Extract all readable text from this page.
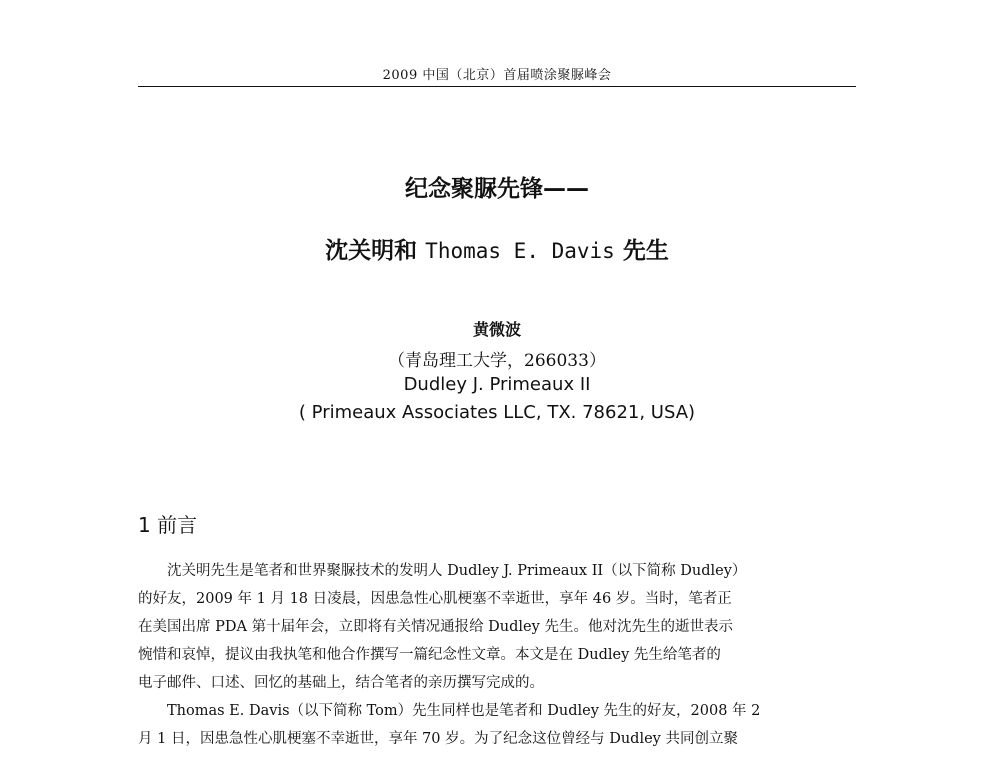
2009 中国（北京）首届喷涂聚脲峰会
纪念聚脲先锋——
沈关明和 Thomas E. Davis 先生
黄微波
（青岛理工大学，266033）
Dudley J. Primeaux II
( Primeaux Associates LLC, TX. 78621, USA)
1 前言
沈关明先生是笔者和世界聚脲技术的发明人 Dudley J. Primeaux II（以下简称 Dudley）
的好友，2009 年 1 月 18 日凌晨，因患急性心肌梗塞不幸逝世，享年 46 岁。当时，笔者正
在美国出席 PDA 第十届年会，立即将有关情况通报给 Dudley 先生。他对沈先生的逝世表示
惋惜和哀悼，提议由我执笔和他合作撰写一篇纪念性文章。本文是在 Dudley 先生给笔者的
电子邮件、口述、回忆的基础上，结合笔者的亲历撰写完成的。
Thomas E. Davis（以下简称 Tom）先生同样也是笔者和 Dudley 先生的好友，2008 年 2
月 1 日，因患急性心肌梗塞不幸逝世，享年 70 岁。为了纪念这位曾经与 Dudley 共同创立聚
